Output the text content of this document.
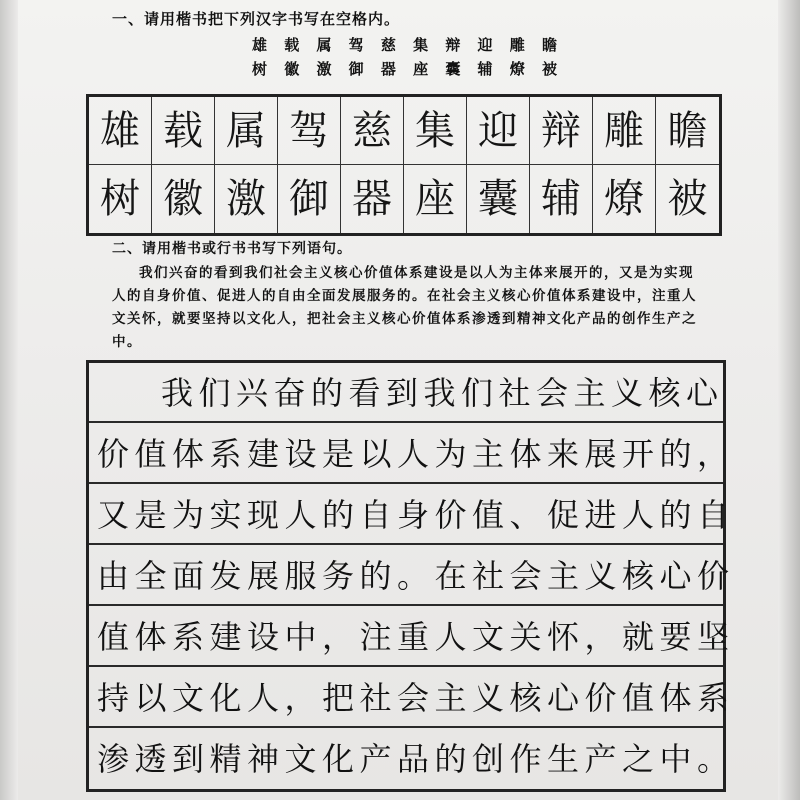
一、请用楷书把下列汉字书写在空格内。
雄 载 属 驾 慈 集 辩 迎 雕 瞻
树 徽 激 御 器 座 囊 辅 燎 被
雄 载 属 驾 慈 集 迎 辩 雕 瞻
树 徽 激 御 器 座 囊 辅 燎 被
二、请用楷书或行书书写下列语句。
我们兴奋的看到我们社会主义核心价值体系建设是以人为主体来展开的，又是为实现人的自身价值、促进人的自由全面发展服务的。在社会主义核心价值体系建设中，注重人文关怀，就要坚持以文化人，把社会主义核心价值体系渗透到精神文化产品的创作生产之中。
我们兴奋的看到我们社会主义核心
价值体系建设是以人为主体来展开的，
又是为实现人的自身价值、促进人的自
由全面发展服务的。在社会主义核心价
值体系建设中，注重人文关怀，就要坚
持以文化人，把社会主义核心价值体系
渗透到精神文化产品的创作生产之中。
